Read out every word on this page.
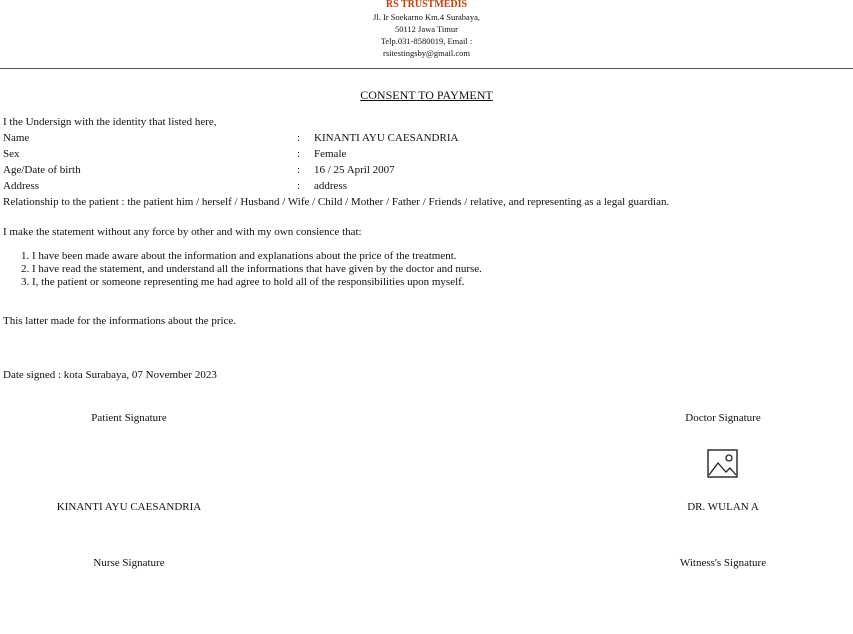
RS TRUSTMEDIS
Jl. Ir Soekarno Km.4 Surabaya,
50112 Jawa Timur
Telp.031-8580019, Email :
rsitestingsby@gmail.com
CONSENT TO PAYMENT
I the Undersign with the identity that listed here,
Name	: KINANTI AYU CAESANDRIA
Sex	: Female
Age/Date of birth	: 16 / 25 April 2007
Address	: address
Relationship to the patient : the patient him / herself / Husband / Wife / Child / Mother / Father / Friends / relative, and representing as a legal guardian.
I make the statement without any force by other and with my own consience that:
1. I have been made aware about the information and explanations about the price of the treatment.
2. I have read the statement, and understand all the informations that have given by the doctor and nurse.
3. I, the patient or someone representing me had agree to hold all of the responsibilities upon myself.
This latter made for the informations about the price.
Date signed : kota Surabaya, 07 November 2023
Patient Signature
KINANTI AYU CAESANDRIA
Doctor Signature
DR. WULAN A
Nurse Signature	Witness's Signature
